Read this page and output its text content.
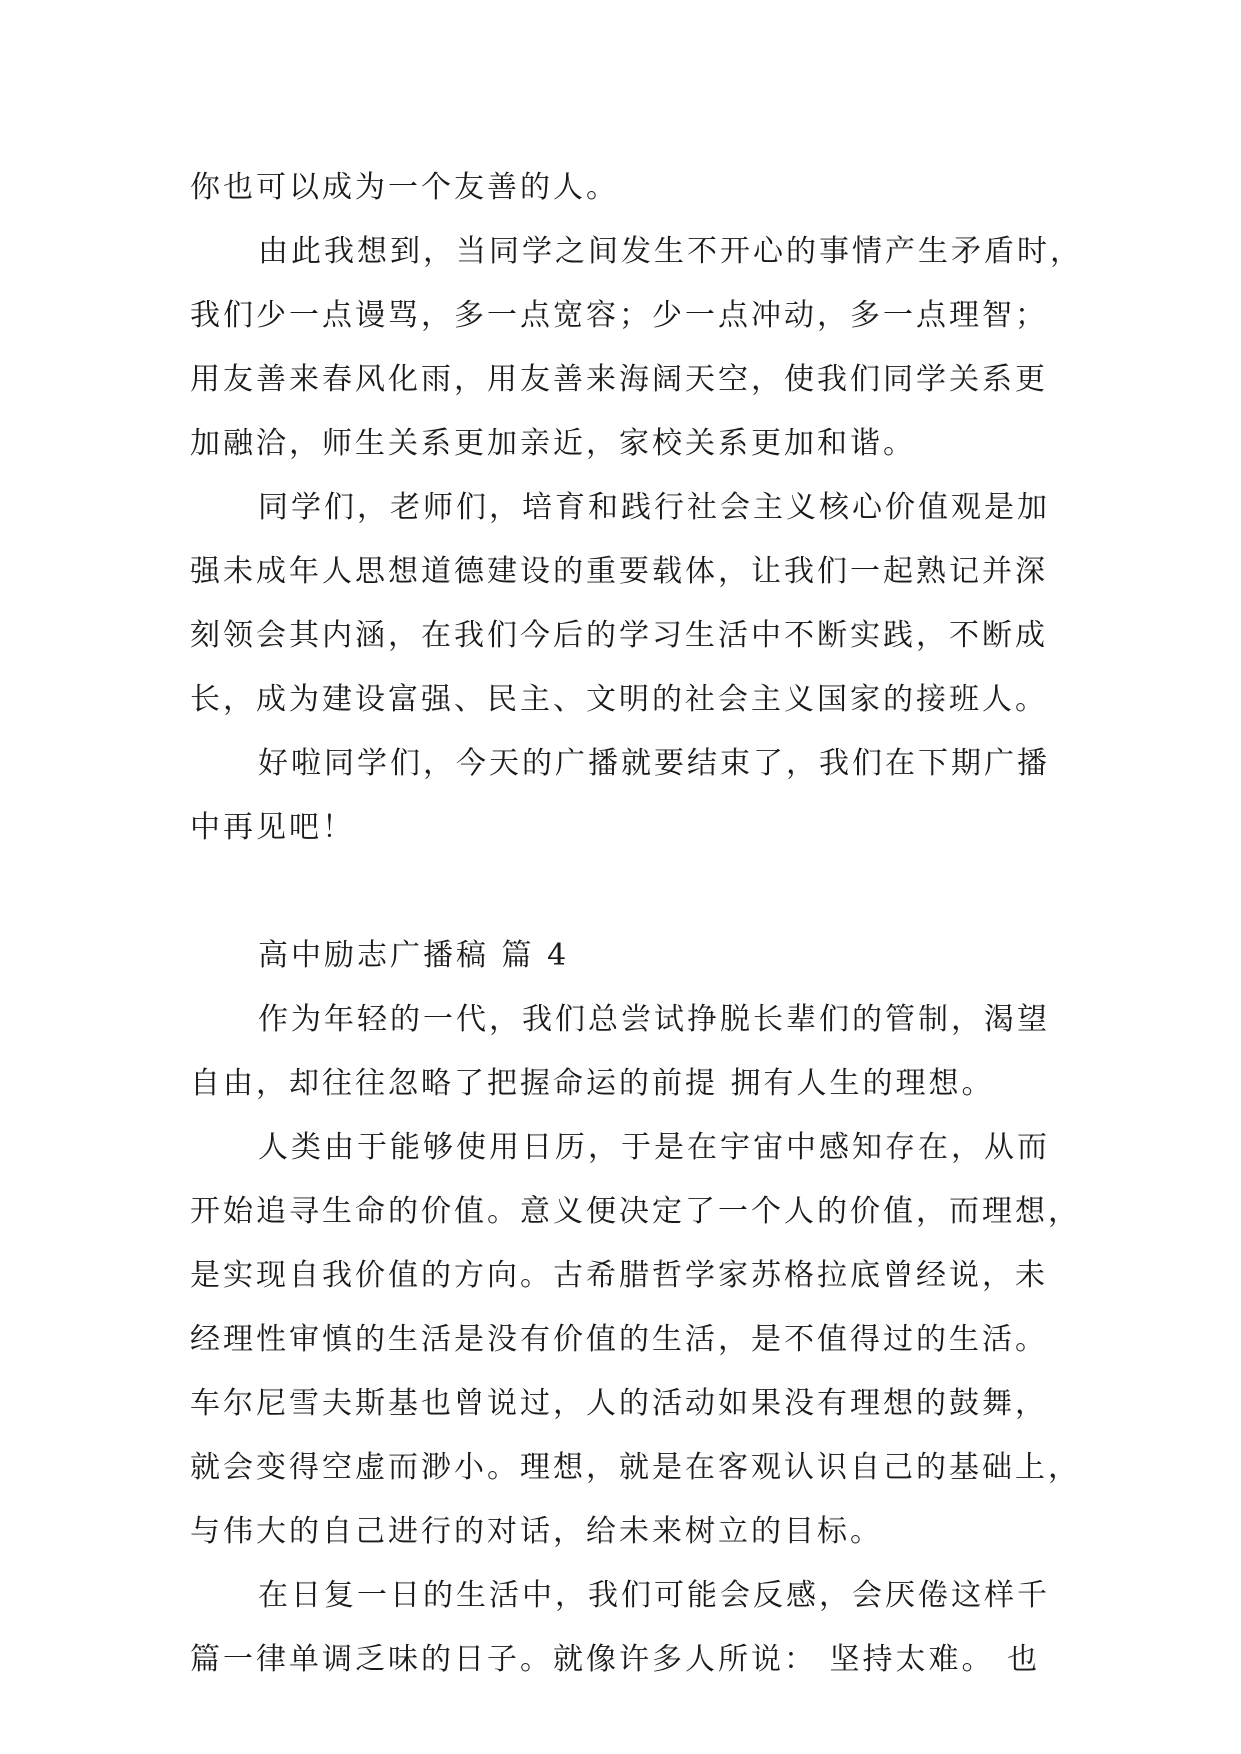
你也可以成为一个友善的人。
由此我想到，当同学之间发生不开心的事情产生矛盾时，
我们少一点谩骂，多一点宽容；少一点冲动，多一点理智；
用友善来春风化雨，用友善来海阔天空，使我们同学关系更
加融洽，师生关系更加亲近，家校关系更加和谐。
同学们，老师们，培育和践行社会主义核心价值观是加
强未成年人思想道德建设的重要载体，让我们一起熟记并深
刻领会其内涵，在我们今后的学习生活中不断实践，不断成
长，成为建设富强、民主、文明的社会主义国家的接班人。
好啦同学们，今天的广播就要结束了，我们在下期广播
中再见吧！
高中励志广播稿 篇 4
作为年轻的一代，我们总尝试挣脱长辈们的管制，渴望
自由，却往往忽略了把握命运的前提 拥有人生的理想。
人类由于能够使用日历，于是在宇宙中感知存在，从而
开始追寻生命的价值。意义便决定了一个人的价值，而理想，
是实现自我价值的方向。古希腊哲学家苏格拉底曾经说，未
经理性审慎的生活是没有价值的生活，是不值得过的生活。
车尔尼雪夫斯基也曾说过，人的活动如果没有理想的鼓舞，
就会变得空虚而渺小。理想，就是在客观认识自己的基础上，
与伟大的自己进行的对话，给未来树立的目标。
在日复一日的生活中，我们可能会反感，会厌倦这样千
篇一律单调乏味的日子。就像许多人所说： 坚持太难。 也
